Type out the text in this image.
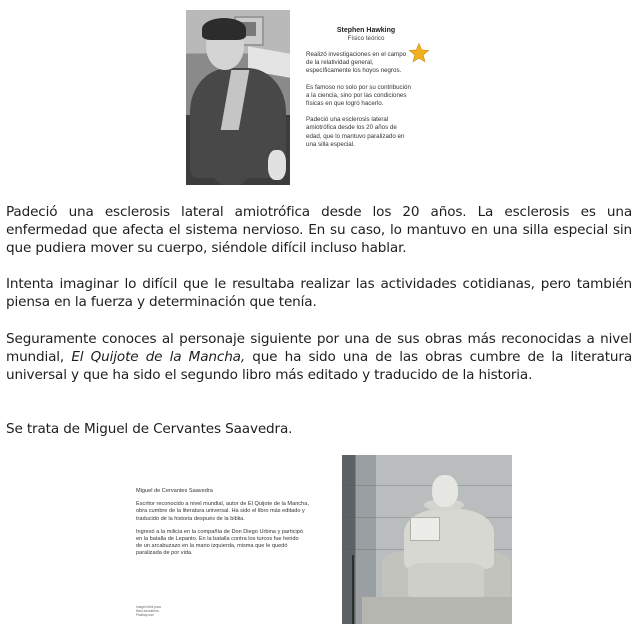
Stephen Hawking
Físico teórico

Realizó investigaciones en el campo de la relatividad general, específicamente los hoyos negros.

Es famoso no solo por su contribución a la ciencia, sino por las condiciones físicas en que logró hacerlo.

Padeció una esclerosis lateral amiotrófica desde los 20 años de edad, que lo mantuvo paralizado en una silla especial.

Padeció una esclerosis lateral amiotrófica desde los 20 años. La esclerosis es una enfermedad que afecta el sistema nervioso. En su caso, lo mantuvo en una silla especial sin que pudiera mover su cuerpo, siéndole difícil incluso hablar.

Intenta imaginar lo difícil que le resultaba realizar las actividades cotidianas, pero también piensa en la fuerza y determinación que tenía.

Seguramente conoces al personaje siguiente por una de sus obras más reconocidas a nivel mundial, El Quijote de la Mancha, que ha sido una de las obras cumbre de la literatura universal y que ha sido el segundo libro más editado y traducido de la historia.

Se trata de Miguel de Cervantes Saavedra.

Miguel de Cervantes Saavedra

Escritor reconocido a nivel mundial, autor de El Quijote de la Mancha, obra cumbre de la literatura universal. Ha sido el libro más editado y traducido de la historia después de la biblia.

Ingresó a la milicia en la compañía de Don Diego Urbina y participó en la batalla de Lepanto. En la batalla contra los turcos fue herido de un arcabuzazo en la mano izquierda, misma que le quedó paralizada de por vida.

Imágen libre para
fines educativos.
Pixabay.com
